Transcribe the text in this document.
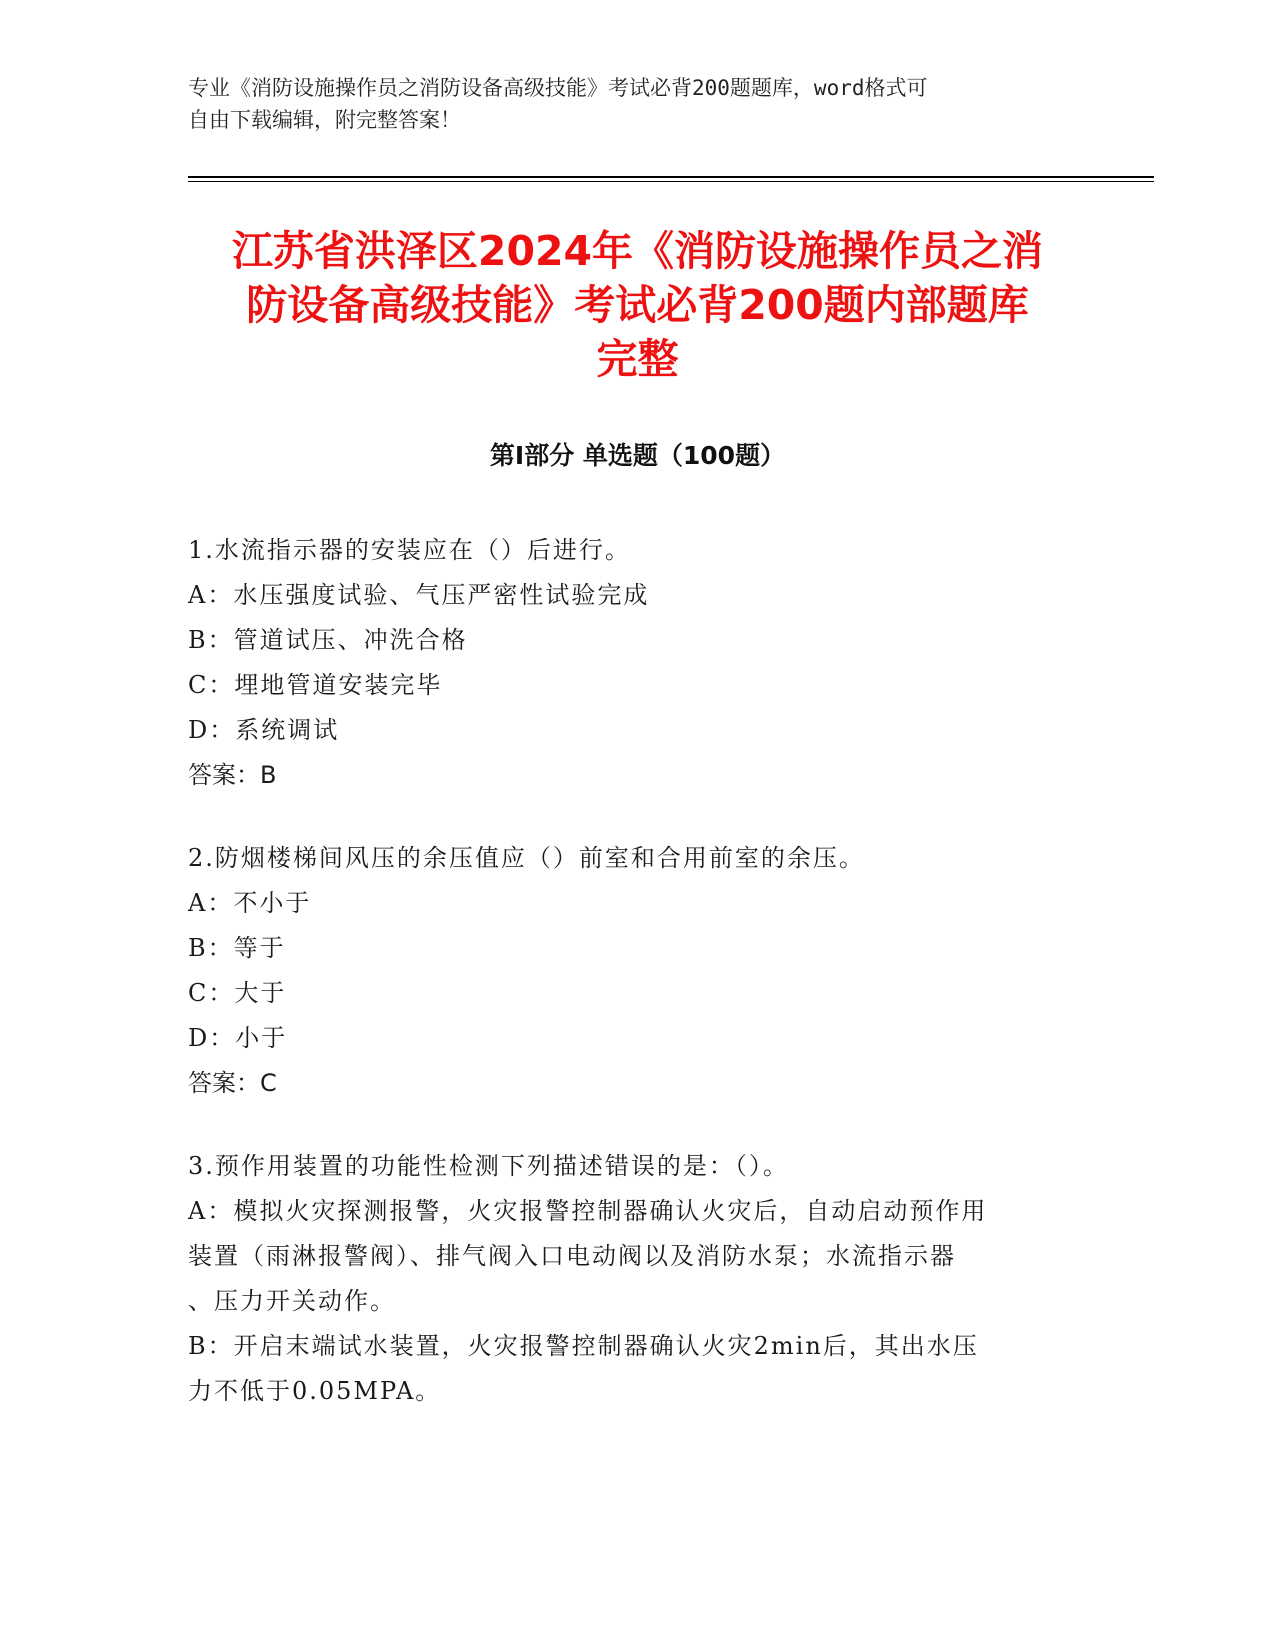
专业《消防设施操作员之消防设备高级技能》考试必背200题题库，word格式可
自由下载编辑，附完整答案！
江苏省洪泽区2024年《消防设施操作员之消
防设备高级技能》考试必背200题内部题库
完整
第Ⅰ部分 单选题（100题）
1.水流指示器的安装应在（）后进行。
A：水压强度试验、气压严密性试验完成
B：管道试压、冲洗合格
C：埋地管道安装完毕
D：系统调试
答案：B
2.防烟楼梯间风压的余压值应（）前室和合用前室的余压。
A：不小于
B：等于
C：大于
D：小于
答案：C
3.预作用装置的功能性检测下列描述错误的是：（）。
A：模拟火灾探测报警，火灾报警控制器确认火灾后，自动启动预作用
装置（雨淋报警阀）、排气阀入口电动阀以及消防水泵；水流指示器
、压力开关动作。
B：开启末端试水装置，火灾报警控制器确认火灾2min后，其出水压
力不低于0.05MPA。
